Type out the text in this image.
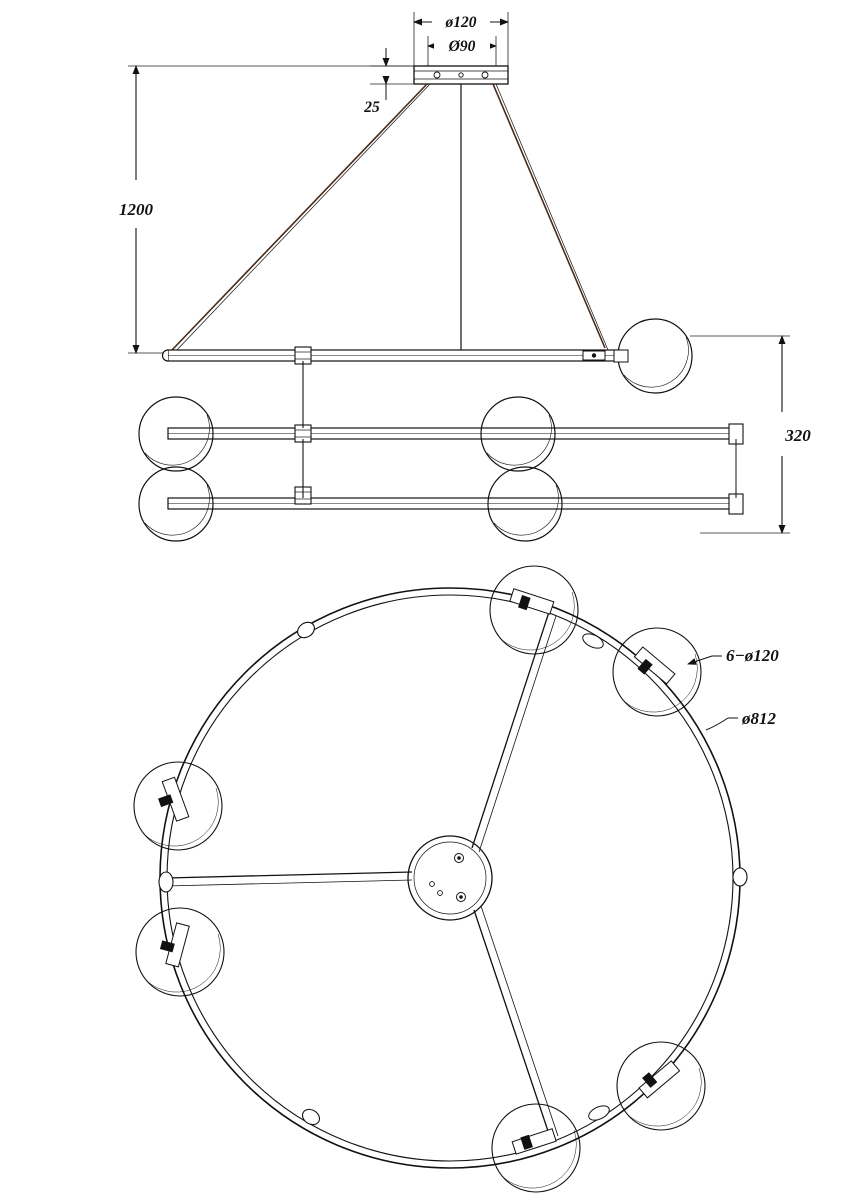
ø120
Ø90
25
1200
320
6−ø120
ø812
